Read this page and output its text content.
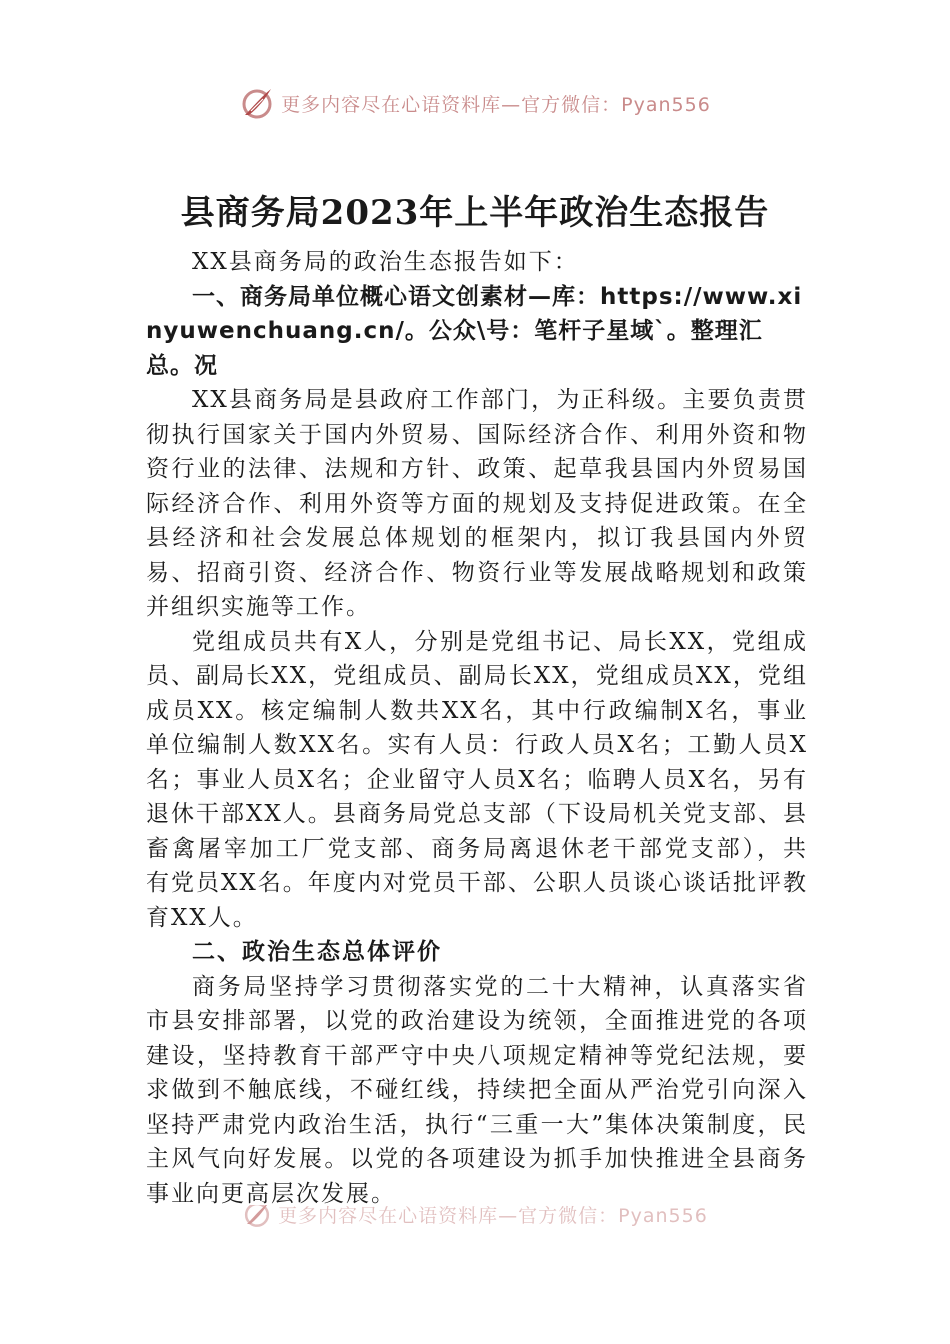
更多内容尽在心语资料库—官方微信：Pyan556
县商务局2023年上半年政治生态报告

XX县商务局的政治生态报告如下：

一、商务局单位概心语文创素材—库：https://www.xinyuwenchuang.cn/。公众\号：笔杆子星域`。整理汇总。况

XX县商务局是县政府工作部门，为正科级。主要负责贯彻执行国家关于国内外贸易、国际经济合作、利用外资和物资行业的法律、法规和方针、政策、起草我县国内外贸易国际经济合作、利用外资等方面的规划及支持促进政策。在全县经济和社会发展总体规划的框架内，拟订我县国内外贸易、招商引资、经济合作、物资行业等发展战略规划和政策并组织实施等工作。

党组成员共有X人，分别是党组书记、局长XX，党组成员、副局长XX，党组成员、副局长XX，党组成员XX，党组成员XX。核定编制人数共XX名，其中行政编制X名，事业单位编制人数XX名。实有人员：行政人员X名；工勤人员X名；事业人员X名；企业留守人员X名；临聘人员X名，另有退休干部XX人。县商务局党总支部（下设局机关党支部、县畜禽屠宰加工厂党支部、商务局离退休老干部党支部），共有党员XX名。年度内对党员干部、公职人员谈心谈话批评教育XX人。

二、政治生态总体评价

商务局坚持学习贯彻落实党的二十大精神，认真落实省市县安排部署，以党的政治建设为统领，全面推进党的各项建设，坚持教育干部严守中央八项规定精神等党纪法规，要求做到不触底线，不碰红线，持续把全面从严治党引向深入坚持严肃党内政治生活，执行“三重一大”集体决策制度，民主风气向好发展。以党的各项建设为抓手加快推进全县商务事业向更高层次发展。

更多内容尽在心语资料库—官方微信：Pyan556
